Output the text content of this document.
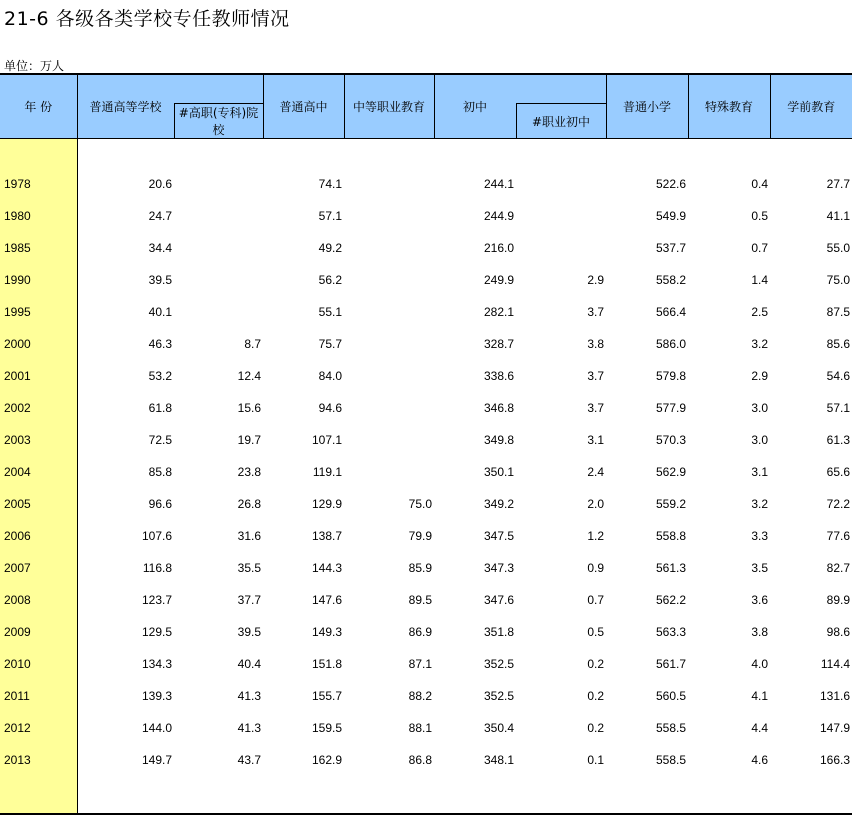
21-6 各级各类学校专任教师情况
单位：万人
年 份	普通高等学校		普通高中	中等职业教育	初中		普通小学	特殊教育	学前教育
		#高职(专科)院校				#职业初中			

1978	20.6		74.1		244.1		522.6	0.4	27.7
1980	24.7		57.1		244.9		549.9	0.5	41.1
1985	34.4		49.2		216.0		537.7	0.7	55.0
1990	39.5		56.2		249.9	2.9	558.2	1.4	75.0
1995	40.1		55.1		282.1	3.7	566.4	2.5	87.5
2000	46.3	8.7	75.7		328.7	3.8	586.0	3.2	85.6
2001	53.2	12.4	84.0		338.6	3.7	579.8	2.9	54.6
2002	61.8	15.6	94.6		346.8	3.7	577.9	3.0	57.1
2003	72.5	19.7	107.1		349.8	3.1	570.3	3.0	61.3
2004	85.8	23.8	119.1		350.1	2.4	562.9	3.1	65.6
2005	96.6	26.8	129.9	75.0	349.2	2.0	559.2	3.2	72.2
2006	107.6	31.6	138.7	79.9	347.5	1.2	558.8	3.3	77.6
2007	116.8	35.5	144.3	85.9	347.3	0.9	561.3	3.5	82.7
2008	123.7	37.7	147.6	89.5	347.6	0.7	562.2	3.6	89.9
2009	129.5	39.5	149.3	86.9	351.8	0.5	563.3	3.8	98.6
2010	134.3	40.4	151.8	87.1	352.5	0.2	561.7	4.0	114.4
2011	139.3	41.3	155.7	88.2	352.5	0.2	560.5	4.1	131.6
2012	144.0	41.3	159.5	88.1	350.4	0.2	558.5	4.4	147.9
2013	149.7	43.7	162.9	86.8	348.1	0.1	558.5	4.6	166.3
